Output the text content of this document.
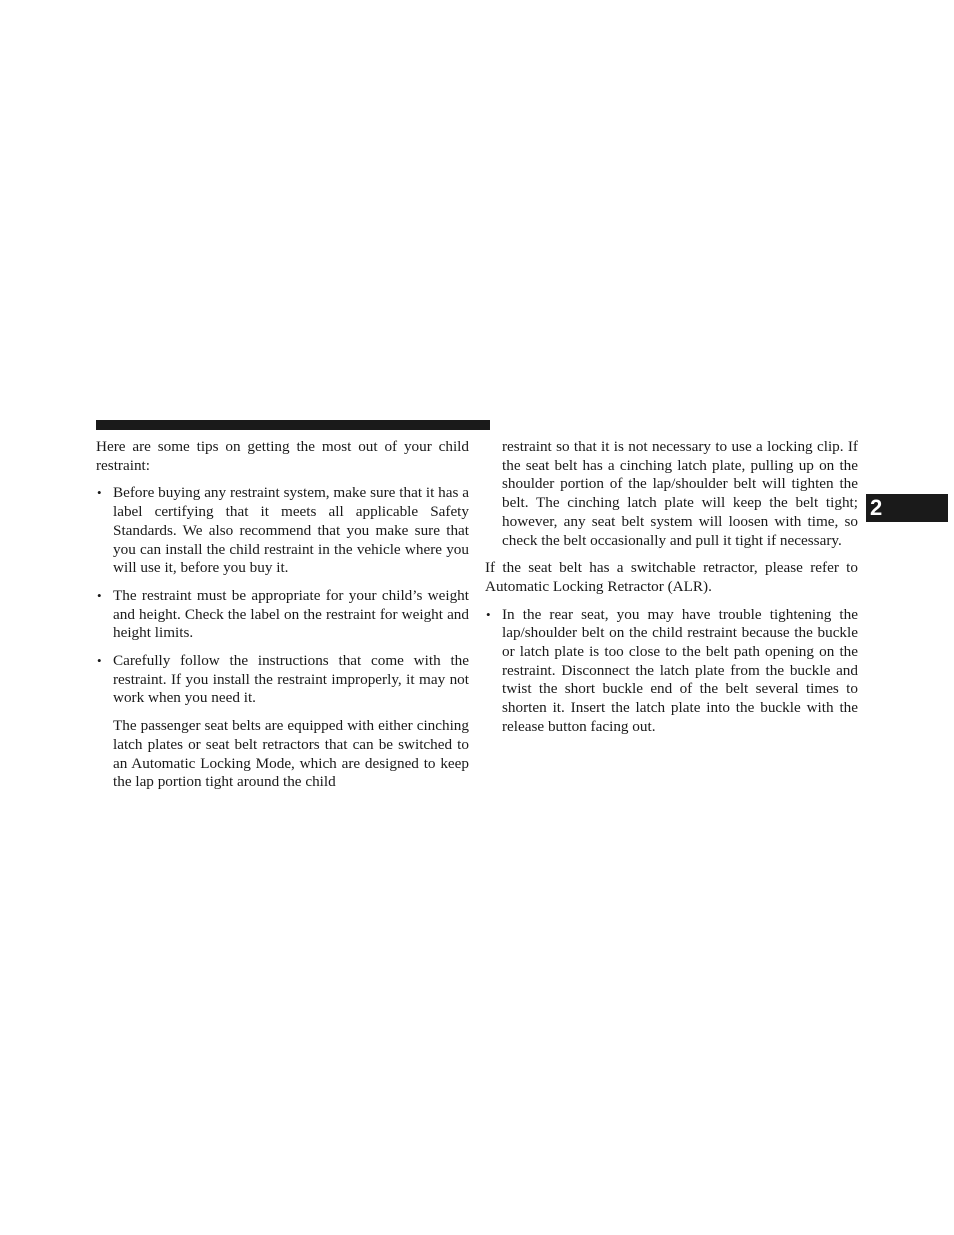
2

Here are some tips on getting the most out of your child restraint:

• Before buying any restraint system, make sure that it has a label certifying that it meets all applicable Safety Standards. We also recommend that you make sure that you can install the child restraint in the vehicle where you will use it, before you buy it.
• The restraint must be appropriate for your child’s weight and height. Check the label on the restraint for weight and height limits.
• Carefully follow the instructions that come with the restraint. If you install the restraint improperly, it may not work when you need it.

The passenger seat belts are equipped with either cinching latch plates or seat belt retractors that can be switched to an Automatic Locking Mode, which are designed to keep the lap portion tight around the child

restraint so that it is not necessary to use a locking clip. If the seat belt has a cinching latch plate, pulling up on the shoulder portion of the lap/shoulder belt will tighten the belt. The cinching latch plate will keep the belt tight; however, any seat belt system will loosen with time, so check the belt occasionally and pull it tight if necessary.

If the seat belt has a switchable retractor, please refer to Automatic Locking Retractor (ALR).

• In the rear seat, you may have trouble tightening the lap/shoulder belt on the child restraint because the buckle or latch plate is too close to the belt path opening on the restraint. Disconnect the latch plate from the buckle and twist the short buckle end of the belt several times to shorten it. Insert the latch plate into the buckle with the release button facing out.
